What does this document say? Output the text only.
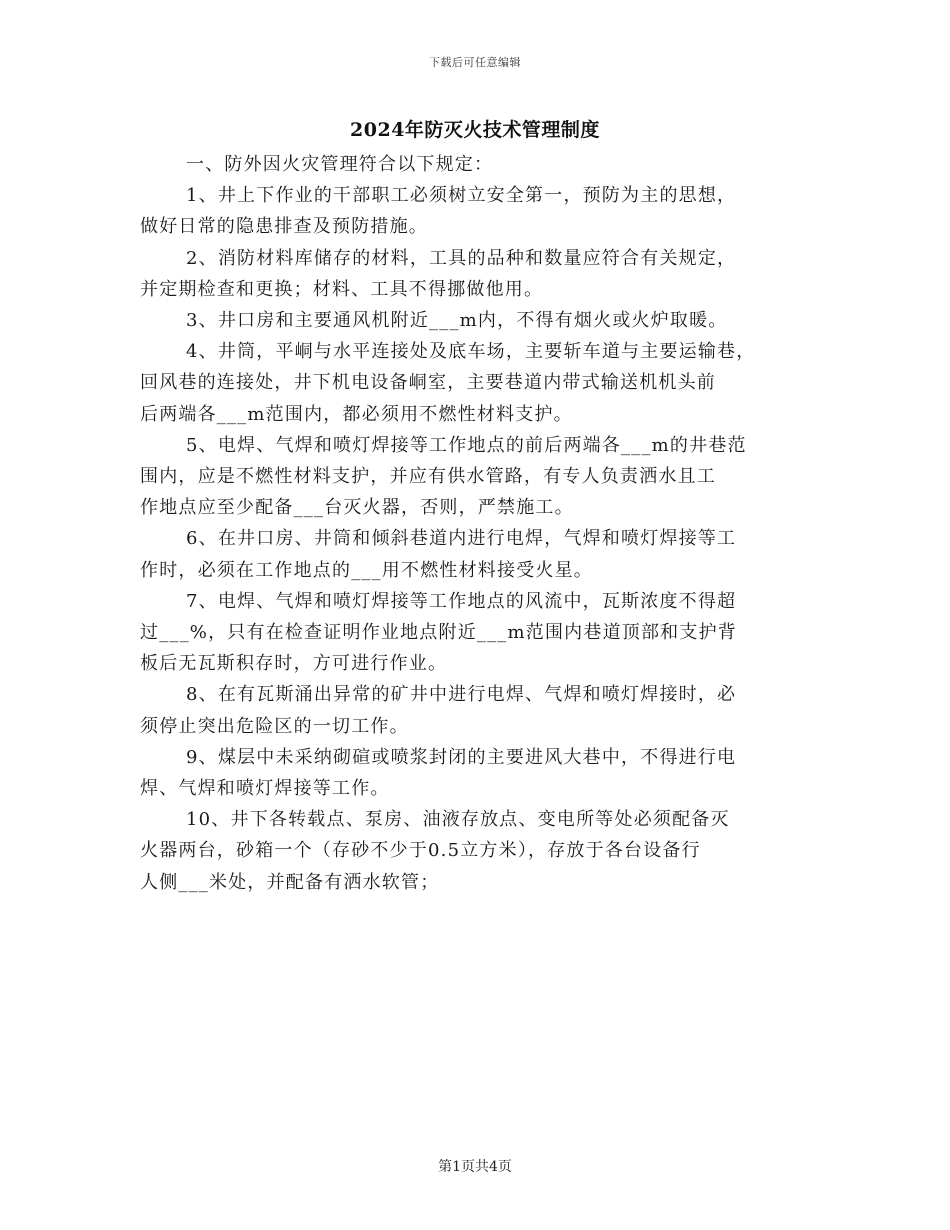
下载后可任意编辑
2024年防灭火技术管理制度
一、防外因火灾管理符合以下规定：
1、井上下作业的干部职工必须树立安全第一，预防为主的思想，
做好日常的隐患排查及预防措施。
2、消防材料库储存的材料，工具的品种和数量应符合有关规定，
并定期检查和更换；材料、工具不得挪做他用。
3、井口房和主要通风机附近___m内，不得有烟火或火炉取暖。
4、井筒，平峒与水平连接处及底车场，主要斩车道与主要运输巷，
回风巷的连接处，井下机电设备峒室，主要巷道内带式输送机机头前
后两端各___m范围内，都必须用不燃性材料支护。
5、电焊、气焊和喷灯焊接等工作地点的前后两端各___m的井巷范
围内，应是不燃性材料支护，并应有供水管路，有专人负责洒水且工
作地点应至少配备___台灭火器，否则，严禁施工。
6、在井口房、井筒和倾斜巷道内进行电焊，气焊和喷灯焊接等工
作时，必须在工作地点的___用不燃性材料接受火星。
7、电焊、气焊和喷灯焊接等工作地点的风流中，瓦斯浓度不得超
过___%，只有在检查证明作业地点附近___m范围内巷道顶部和支护背
板后无瓦斯积存时，方可进行作业。
8、在有瓦斯涌出异常的矿井中进行电焊、气焊和喷灯焊接时，必
须停止突出危险区的一切工作。
9、煤层中未采纳砌碹或喷浆封闭的主要进风大巷中，不得进行电
焊、气焊和喷灯焊接等工作。
10、井下各转载点、泵房、油液存放点、变电所等处必须配备灭
火器两台，砂箱一个（存砂不少于0.5立方米），存放于各台设备行
人侧___米处，并配备有洒水软管；
第1页共4页
